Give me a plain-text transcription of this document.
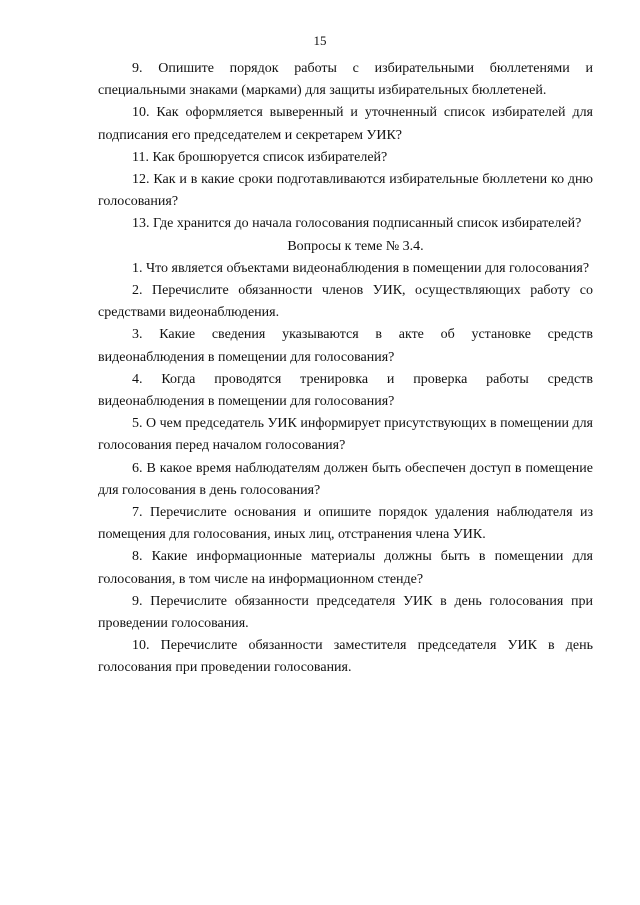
15

9. Опишите порядок работы с избирательными бюллетенями и специальными знаками (марками) для защиты избирательных бюллетеней.

10. Как оформляется выверенный и уточненный список избирателей для подписания его председателем и секретарем УИК?

11. Как брошюруется список избирателей?

12. Как и в какие сроки подготавливаются избирательные бюллетени ко дню голосования?

13. Где хранится до начала голосования подписанный список избирателей?

Вопросы к теме № 3.4.

1. Что является объектами видеонаблюдения в помещении для голосования?

2. Перечислите обязанности членов УИК, осуществляющих работу со средствами видеонаблюдения.

3. Какие сведения указываются в акте об установке средств видеонаблюдения в помещении для голосования?

4. Когда проводятся тренировка и проверка работы средств видеонаблюдения в помещении для голосования?

5. О чем председатель УИК информирует присутствующих в помещении для голосования перед началом голосования?

6. В какое время наблюдателям должен быть обеспечен доступ в помещение для голосования в день голосования?

7. Перечислите основания и опишите порядок удаления наблюдателя из помещения для голосования, иных лиц, отстранения члена УИК.

8. Какие информационные материалы должны быть в помещении для голосования, в том числе на информационном стенде?

9. Перечислите обязанности председателя УИК в день голосования при проведении голосования.

10. Перечислите обязанности заместителя председателя УИК в день голосования при проведении голосования.
